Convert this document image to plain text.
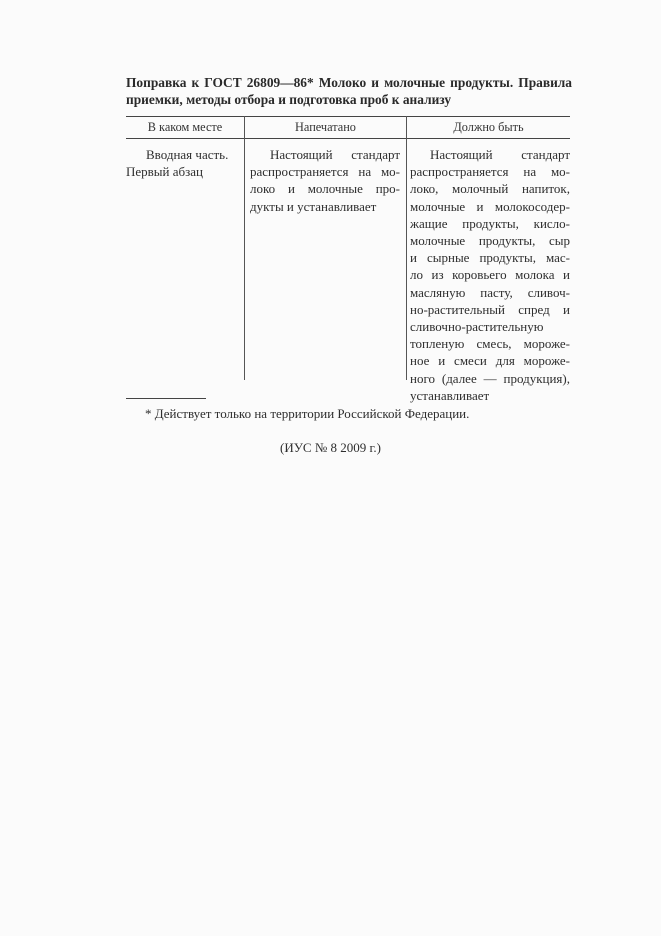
Поправка к ГОСТ 26809—86* Молоко и молочные продукты. Правила приемки, методы отбора и подготовка проб к анализу
В каком месте	Напечатано	Должно быть
Вводная часть.
Первый абзац
Настоящий стандарт
распространяется на мо-
локо и молочные про-
дукты и устанавливает
Настоящий стандарт
распространяется на мо-
локо, молочный напиток,
молочные и молокосодер-
жащие продукты, кисло-
молочные продукты, сыр
и сырные продукты, мас-
ло из коровьего молока и
масляную пасту, сливоч-
но-растительный спред и
сливочно-растительную
топленую смесь, мороже-
ное и смеси для мороже-
ного (далее — продукция),
устанавливает
* Действует только на территории Российской Федерации.
(ИУС № 8 2009 г.)
